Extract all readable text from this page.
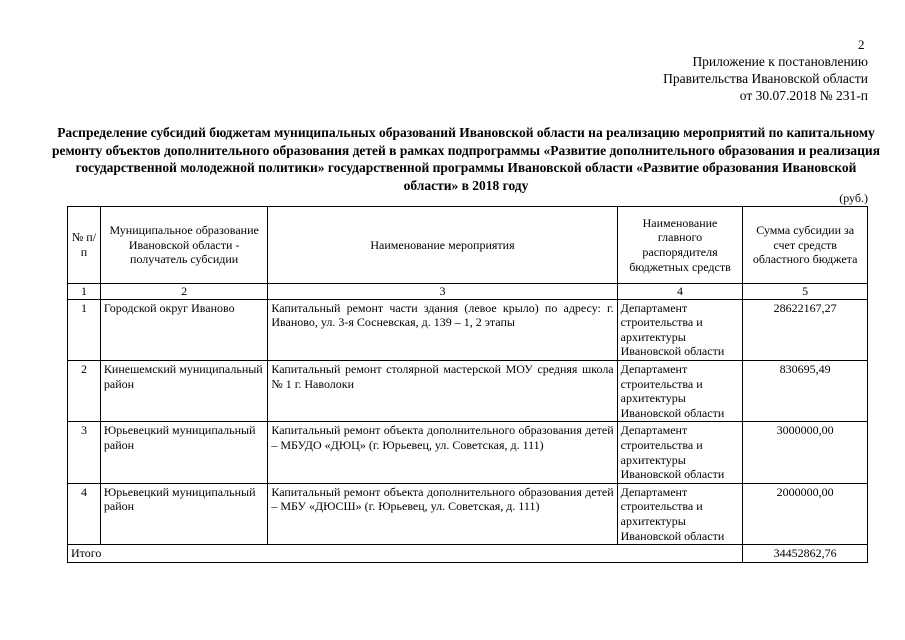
2
Приложение к постановлению
Правительства Ивановской области
от 30.07.2018 № 231-п
Распределение субсидий бюджетам муниципальных образований Ивановской области на реализацию мероприятий по капитальному ремонту объектов дополнительного образования детей в рамках подпрограммы «Развитие дополнительного образования и реализация государственной молодежной политики» государственной программы Ивановской области «Развитие образования Ивановской области» в 2018 году
(руб.)
№ п/п	Муниципальное образование Ивановской области - получатель субсидии	Наименование мероприятия	Наименование главного распорядителя бюджетных средств	Сумма субсидии за счет средств областного бюджета
1	2	3	4	5
1	Городской округ Иваново	Капитальный ремонт части здания (левое крыло) по адресу: г. Иваново, ул. 3-я Сосневская, д. 139 – 1, 2 этапы	Департамент строительства и архитектуры Ивановской области	28622167,27
2	Кинешемский муниципальный район	Капитальный ремонт столярной мастерской МОУ средняя школа № 1 г. Наволоки	Департамент строительства и архитектуры Ивановской области	830695,49
3	Юрьевецкий муниципальный район	Капитальный ремонт объекта дополнительного образования детей – МБУДО «ДЮЦ» (г. Юрьевец, ул. Советская, д. 111)	Департамент строительства и архитектуры Ивановской области	3000000,00
4	Юрьевецкий муниципальный район	Капитальный ремонт объекта дополнительного образования детей – МБУ «ДЮСШ» (г. Юрьевец, ул. Советская, д. 111)	Департамент строительства и архитектуры Ивановской области	2000000,00
Итого				34452862,76
